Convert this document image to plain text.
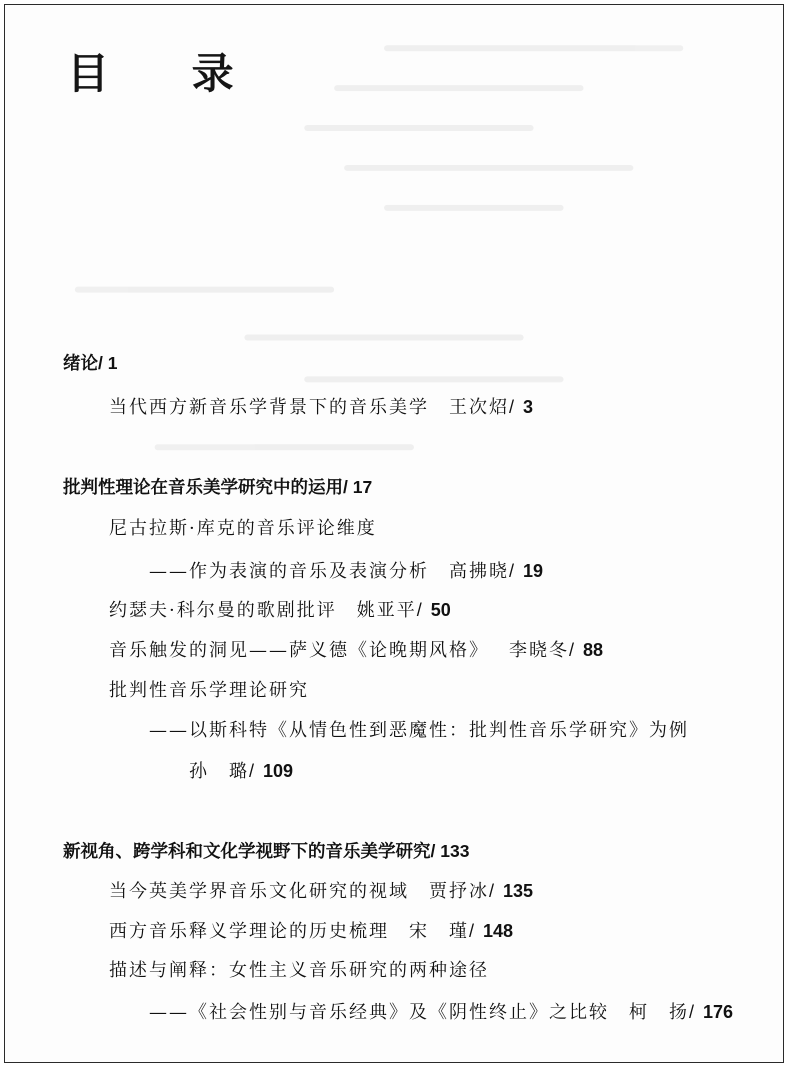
目 录
绪论/ 1
当代西方新音乐学背景下的音乐美学 王次炤/ 3
批判性理论在音乐美学研究中的运用/ 17
尼古拉斯·库克的音乐评论维度
——作为表演的音乐及表演分析 高拂晓/ 19
约瑟夫·科尔曼的歌剧批评 姚亚平/ 50
音乐触发的洞见——萨义德《论晚期风格》 李晓冬/ 88
批判性音乐学理论研究
——以斯科特《从情色性到恶魔性：批判性音乐学研究》为例
孙　璐/ 109
新视角、跨学科和文化学视野下的音乐美学研究/ 133
当今英美学界音乐文化研究的视域 贾抒冰/ 135
西方音乐释义学理论的历史梳理 宋　瑾/ 148
描述与阐释：女性主义音乐研究的两种途径
——《社会性别与音乐经典》及《阴性终止》之比较 柯　扬/ 176
